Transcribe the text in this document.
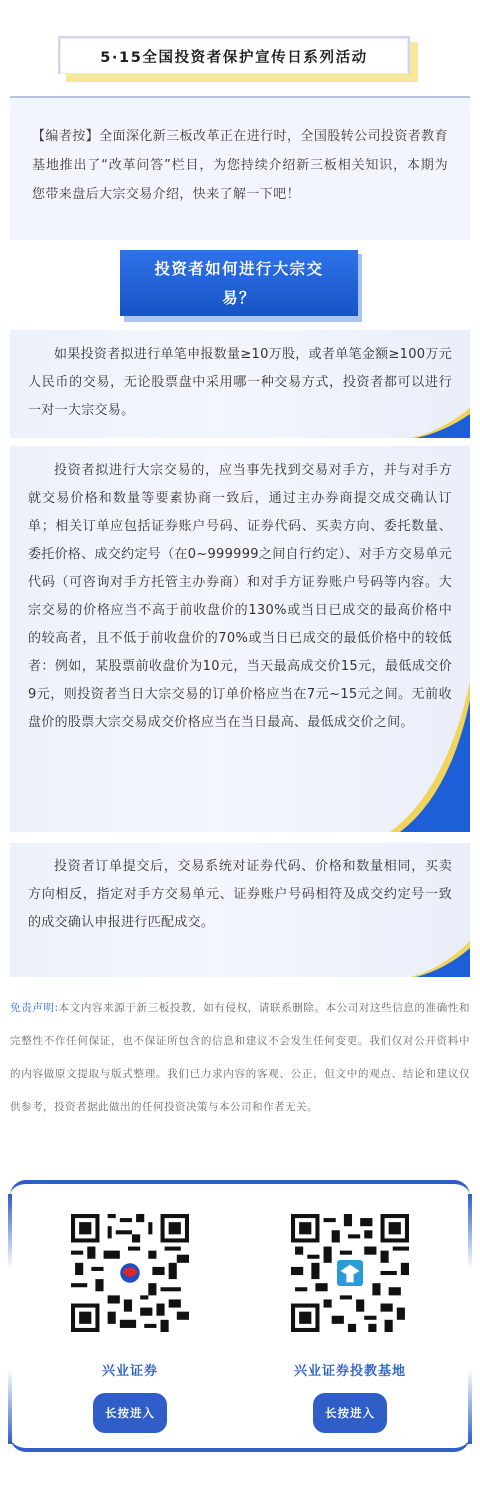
5·15全国投资者保护宣传日系列活动
【编者按】全面深化新三板改革正在进行时，全国股转公司投资者教育基地推出了“改革问答”栏目，为您持续介绍新三板相关知识，本期为您带来盘后大宗交易介绍，快来了解一下吧！
投资者如何进行大宗交易？
如果投资者拟进行单笔申报数量≥10万股，或者单笔金额≥100万元人民币的交易，无论股票盘中采用哪一种交易方式，投资者都可以进行一对一大宗交易。
投资者拟进行大宗交易的，应当事先找到交易对手方，并与对手方就交易价格和数量等要素协商一致后，通过主办券商提交成交确认订单；相关订单应包括证券账户号码、证券代码、买卖方向、委托数量、委托价格、成交约定号（在0~999999之间自行约定）、对手方交易单元代码（可咨询对手方托管主办券商）和对手方证券账户号码等内容。大宗交易的价格应当不高于前收盘价的130%或当日已成交的最高价格中的较高者，且不低于前收盘价的70%或当日已成交的最低价格中的较低者：例如，某股票前收盘价为10元，当天最高成交价15元，最低成交价9元，则投资者当日大宗交易的订单价格应当在7元~15元之间。无前收盘价的股票大宗交易成交价格应当在当日最高、最低成交价之间。
投资者订单提交后，交易系统对证券代码、价格和数量相同，买卖方向相反，指定对手方交易单元、证券账户号码相符及成交约定号一致的成交确认申报进行匹配成交。
免责声明:本文内容来源于新三板投教，如有侵权，请联系删除。本公司对这些信息的准确性和完整性不作任何保证，也不保证所包含的信息和建议不会发生任何变更。我们仅对公开资料中的内容做原文提取与版式整理。我们已力求内容的客观、公正，但文中的观点、结论和建议仅供参考，投资者据此做出的任何投资决策与本公司和作者无关。
兴业证券
长按进入
兴业证券投教基地
长按进入
